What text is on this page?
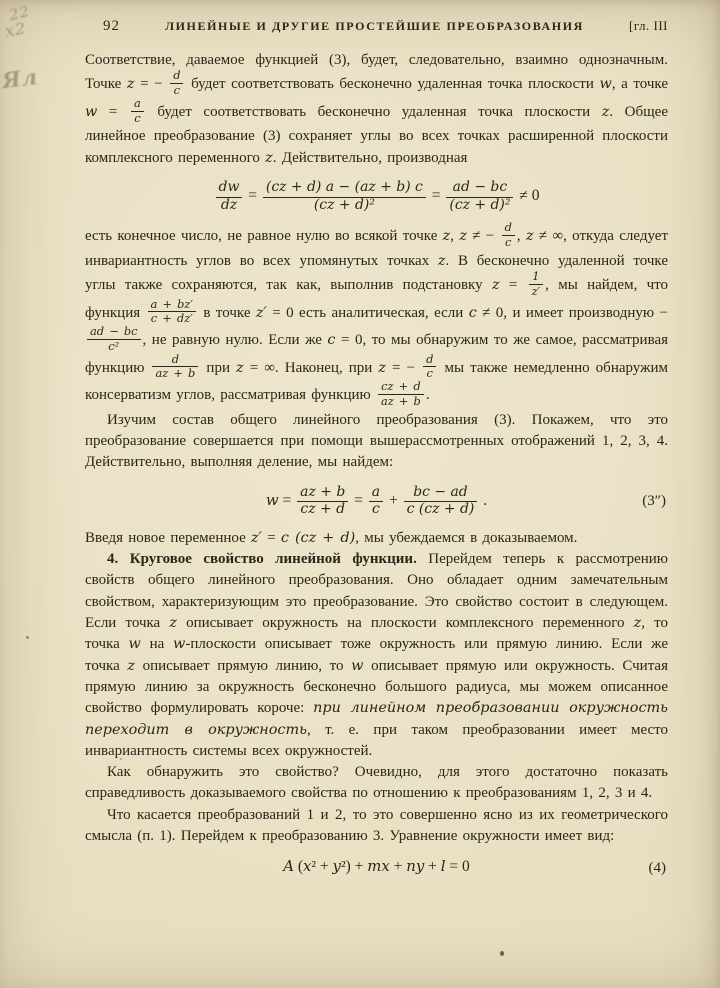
22
х2
Ял
92	ЛИНЕЙНЫЕ И ДРУГИЕ ПРОСТЕЙШИЕ ПРЕОБРАЗОВАНИЯ	[гл. III

Соответствие, даваемое функцией (3), будет, следовательно, взаимно однозначным. Точке z = − $\frac{d}{c}$ будет соответствовать бесконечно удаленная точка плоскости w, а точке $w = \frac{a}{c}$ будет соответствовать бесконечно удаленная точка плоскости z. Общее линейное преобразование (3) сохраняет углы во всех точках расширенной плоскости комплексного переменного z. Действительно, производная

$\frac{dw}{dz} = \frac{(cz + d) a - (az + b) c}{\text{(cz + d)²}} = \frac{ad - bc}{\text{(cz + d)²}} \ne 0$

есть конечное число, не равное нулю во всякой точке z, z ≠ − $\frac{d}{c}$ , z ≠ ∞, откуда следует инвариантность углов во всех упомянутых точках z. В бесконечно удаленной точке углы также сохраняются, так как, выполнив подстановку $z = \frac{1}{z'}$ , мы найдем, что функция $\frac{a + bz'}{c + dz'}$ в точке z′ = 0 есть аналитическая, если c ≠ 0, и имеет производную −
$\frac{ad - bc}{\text{c²}}$ , не равную нулю. Если же c = 0, то мы обнаружим то же самое, рассматривая функцию $\frac{d}{az + b}$ при z = ∞. Наконец, при z = − $\frac{d}{c}$ мы также немедленно обнаружим консерватизм углов, рассматривая функцию $\frac{cz + d}{az + b}$ .

Изучим состав общего линейного преобразования (3). Покажем, что это преобразование совершается при помощи вышерассмотренных отображений 1, 2, 3, 4. Действительно, выполняя деление, мы найдем:

$w = \frac{az + b}{cz + d} = \frac{a}{c} + \frac{bc - ad}{c (cz + d)}$ .	(3″)

Введя новое переменное z′ = c (cz + d), мы убеждаемся в доказываемом.

4. Круговое свойство линейной функции. Перейдем теперь к рассмотрению свойств общего линейного преобразования. Оно обладает одним замечательным свойством, характеризующим это преобразование. Это свойство состоит в следующем. Если точка z описывает окружность на плоскости комплексного переменного z, то точка w на w-плоскости описывает тоже окружность или прямую линию. Если же точка z описывает прямую линию, то w описывает прямую или окружность. Считая прямую линию за окружность бесконечно большого радиуса, мы можем описанное свойство формулировать короче: при линейном преобразовании окружность переходит в окружность, т. е. при таком преобразовании имеет место инвариантность системы всех окружностей.

Как обнаружить это свойство? Очевидно, для этого достаточно показать справедливость доказываемого свойства по отношению к преобразованиям 1, 2, 3 и 4.

Что касается преобразований 1 и 2, то это совершенно ясно из их геометрического смысла (п. 1). Перейдем к преобразованию 3. Уравнение окружности имеет вид:

A (x² + y²) + mx + ny + l = 0	(4)
